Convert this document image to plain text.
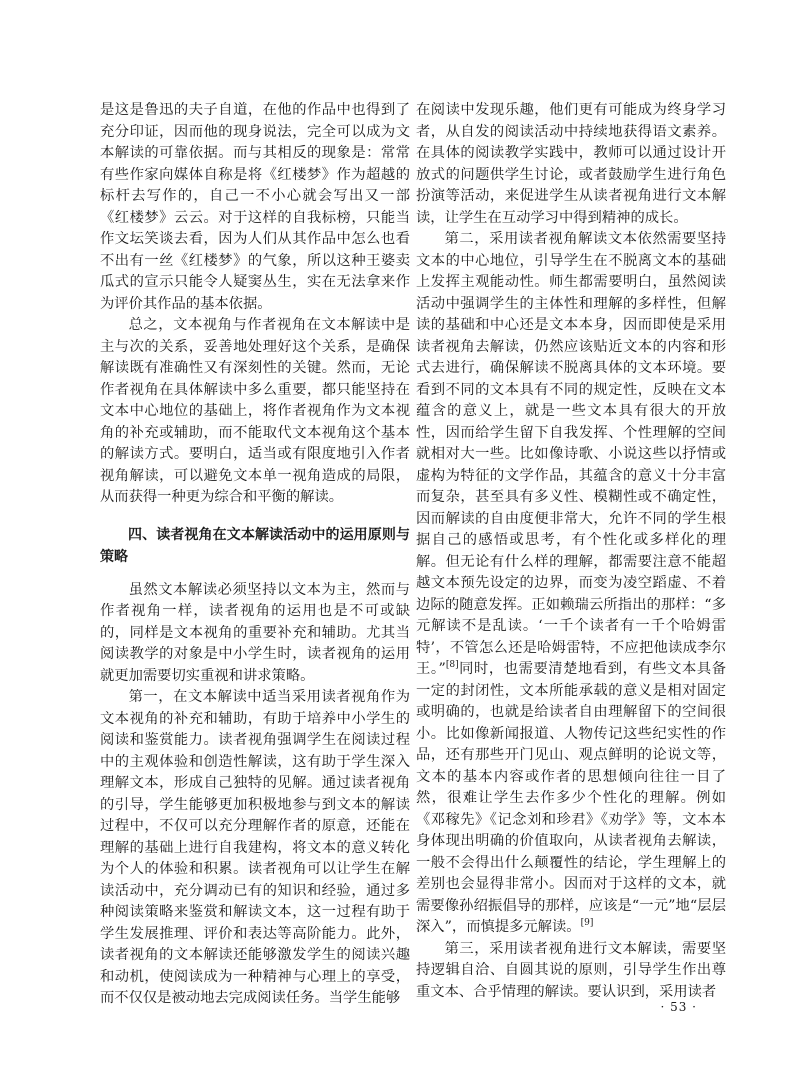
是这是鲁迅的夫子自道，在他的作品中也得到了充分印证，因而他的现身说法，完全可以成为文本解读的可靠依据。而与其相反的现象是：常常有些作家向媒体自称是将《红楼梦》作为超越的标杆去写作的，自己一不小心就会写出又一部《红楼梦》云云。对于这样的自我标榜，只能当作文坛笑谈去看，因为人们从其作品中怎么也看不出有一丝《红楼梦》的气象，所以这种王婆卖瓜式的宣示只能令人疑窦丛生，实在无法拿来作为评价其作品的基本依据。

总之，文本视角与作者视角在文本解读中是主与次的关系，妥善地处理好这个关系，是确保解读既有准确性又有深刻性的关键。然而，无论作者视角在具体解读中多么重要，都只能坚持在文本中心地位的基础上，将作者视角作为文本视角的补充或辅助，而不能取代文本视角这个基本的解读方式。要明白，适当或有限度地引入作者视角解读，可以避免文本单一视角造成的局限，从而获得一种更为综合和平衡的解读。

四、读者视角在文本解读活动中的运用原则与策略

虽然文本解读必须坚持以文本为主，然而与作者视角一样，读者视角的运用也是不可或缺的，同样是文本视角的重要补充和辅助。尤其当阅读教学的对象是中小学生时，读者视角的运用就更加需要切实重视和讲求策略。

第一，在文本解读中适当采用读者视角作为文本视角的补充和辅助，有助于培养中小学生的阅读和鉴赏能力。读者视角强调学生在阅读过程中的主观体验和创造性解读，这有助于学生深入理解文本，形成自己独特的见解。通过读者视角的引导，学生能够更加积极地参与到文本的解读过程中，不仅可以充分理解作者的原意，还能在理解的基础上进行自我建构，将文本的意义转化为个人的体验和积累。读者视角可以让学生在解读活动中，充分调动已有的知识和经验，通过多种阅读策略来鉴赏和解读文本，这一过程有助于学生发展推理、评价和表达等高阶能力。此外，读者视角的文本解读还能够激发学生的阅读兴趣和动机，使阅读成为一种精神与心理上的享受，而不仅仅是被动地去完成阅读任务。当学生能够

在阅读中发现乐趣，他们更有可能成为终身学习者，从自发的阅读活动中持续地获得语文素养。在具体的阅读教学实践中，教师可以通过设计开放式的问题供学生讨论，或者鼓励学生进行角色扮演等活动，来促进学生从读者视角进行文本解读，让学生在互动学习中得到精神的成长。

第二，采用读者视角解读文本依然需要坚持文本的中心地位，引导学生在不脱离文本的基础上发挥主观能动性。师生都需要明白，虽然阅读活动中强调学生的主体性和理解的多样性，但解读的基础和中心还是文本本身，因而即使是采用读者视角去解读，仍然应该贴近文本的内容和形式去进行，确保解读不脱离具体的文本环境。要看到不同的文本具有不同的规定性，反映在文本蕴含的意义上，就是一些文本具有很大的开放性，因而给学生留下自我发挥、个性理解的空间就相对大一些。比如像诗歌、小说这些以抒情或虚构为特征的文学作品，其蕴含的意义十分丰富而复杂，甚至具有多义性、模糊性或不确定性，因而解读的自由度便非常大，允许不同的学生根据自己的感悟或思考，有个性化或多样化的理解。但无论有什么样的理解，都需要注意不能超越文本预先设定的边界，而变为凌空蹈虚、不着边际的随意发挥。正如赖瑞云所指出的那样：“多元解读不是乱读。‘一千个读者有一千个哈姆雷特’，不管怎么还是哈姆雷特，不应把他读成李尔王。”[8]同时，也需要清楚地看到，有些文本具备一定的封闭性，文本所能承载的意义是相对固定或明确的，也就是给读者自由理解留下的空间很小。比如像新闻报道、人物传记这些纪实性的作品，还有那些开门见山、观点鲜明的论说文等，文本的基本内容或作者的思想倾向往往一目了然，很难让学生去作多少个性化的理解。例如《邓稼先》《记念刘和珍君》《劝学》等，文本本身体现出明确的价值取向，从读者视角去解读，一般不会得出什么颠覆性的结论，学生理解上的差别也会显得非常小。因而对于这样的文本，就需要像孙绍振倡导的那样，应该是“一元”地“层层深入”，而慎提多元解读。[9]

第三，采用读者视角进行文本解读，需要坚持逻辑自洽、自圆其说的原则，引导学生作出尊重文本、合乎情理的解读。要认识到，采用读者

· 53 ·
